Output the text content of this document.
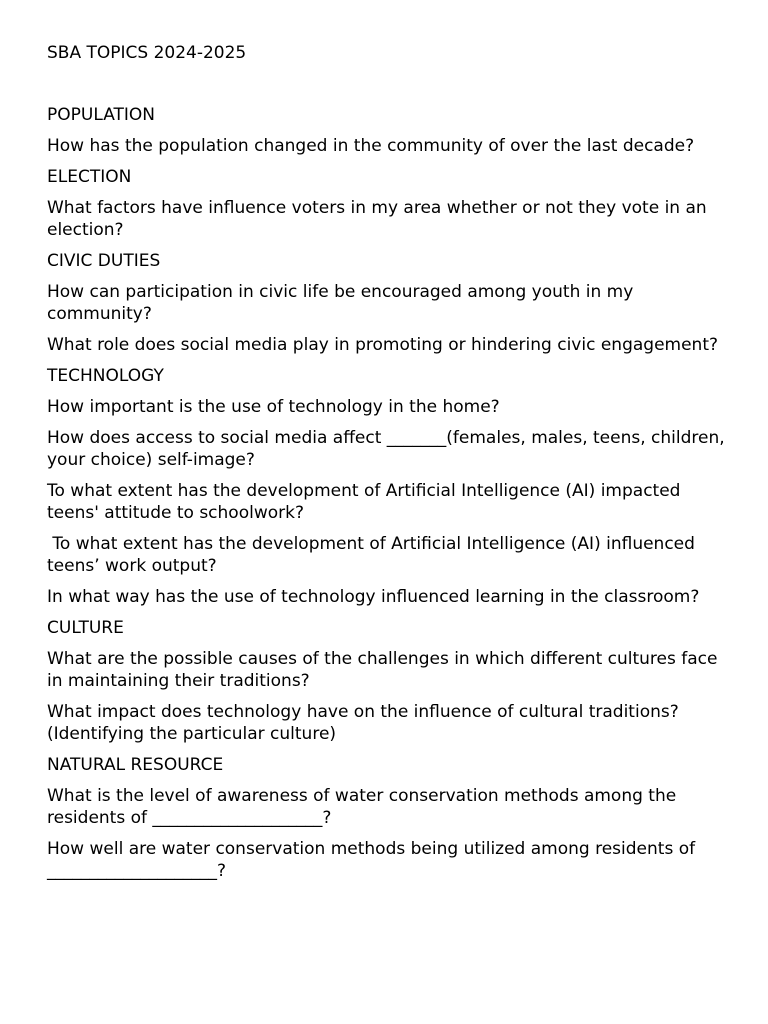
SBA TOPICS 2024-2025

POPULATION

How has the population changed in the community of over the last decade?

ELECTION

What factors have influence voters in my area whether or not they vote in an election?

CIVIC DUTIES

How can participation in civic life be encouraged among youth in my community?

What role does social media play in promoting or hindering civic engagement?

TECHNOLOGY

How important is the use of technology in the home?

How does access to social media affect _______(females, males, teens, children, your choice) self-image?

To what extent has the development of Artificial Intelligence (AI) impacted teens' attitude to schoolwork?

To what extent has the development of Artificial Intelligence (AI) influenced teens’ work output?

In what way has the use of technology influenced learning in the classroom?

CULTURE

What are the possible causes of the challenges in which different cultures face in maintaining their traditions?

What impact does technology have on the influence of cultural traditions? (Identifying the particular culture)

NATURAL RESOURCE

What is the level of awareness of water conservation methods among the residents of ____________________?

How well are water conservation methods being utilized among residents of ____________________?
